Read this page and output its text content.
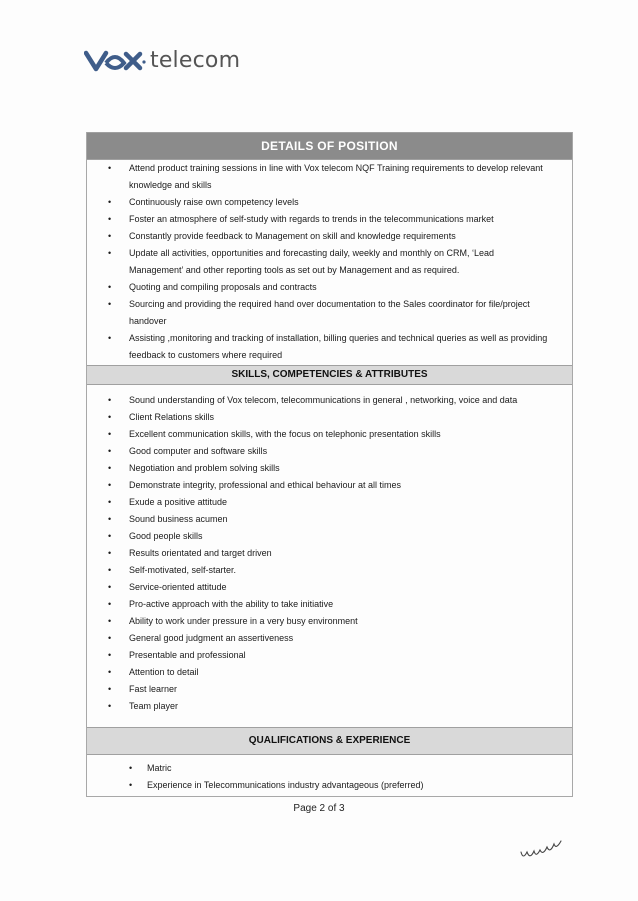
telecom
DETAILS OF POSITION
• Attend product training sessions in line with Vox telecom NQF Training requirements to develop relevant knowledge and skills
• Continuously raise own competency levels
• Foster an atmosphere of self-study with regards to trends in the telecommunications market
• Constantly provide feedback to Management on skill and knowledge requirements
• Update all activities, opportunities and forecasting daily, weekly and monthly on CRM, ‘Lead Management’ and other reporting tools as set out by Management and as required.
• Quoting and compiling proposals and contracts
• Sourcing and providing the required hand over documentation to the Sales coordinator for file/project handover
• Assisting ,monitoring and tracking of installation, billing queries and technical queries as well as providing feedback to customers where required
SKILLS, COMPETENCIES & ATTRIBUTES
• Sound understanding of Vox telecom, telecommunications in general , networking, voice and data
• Client Relations skills
• Excellent communication skills, with the focus on telephonic presentation skills
• Good computer and software skills
• Negotiation and problem solving skills
• Demonstrate integrity, professional and ethical behaviour at all times
• Exude a positive attitude
• Sound business acumen
• Good people skills
• Results orientated and target driven
• Self-motivated, self-starter.
• Service-oriented attitude
• Pro-active approach with the ability to take initiative
• Ability to work under pressure in a very busy environment
• General good judgment an assertiveness
• Presentable and professional
• Attention to detail
• Fast learner
• Team player
QUALIFICATIONS & EXPERIENCE
• Matric
• Experience in Telecommunications industry advantageous (preferred)
Page 2 of 3
